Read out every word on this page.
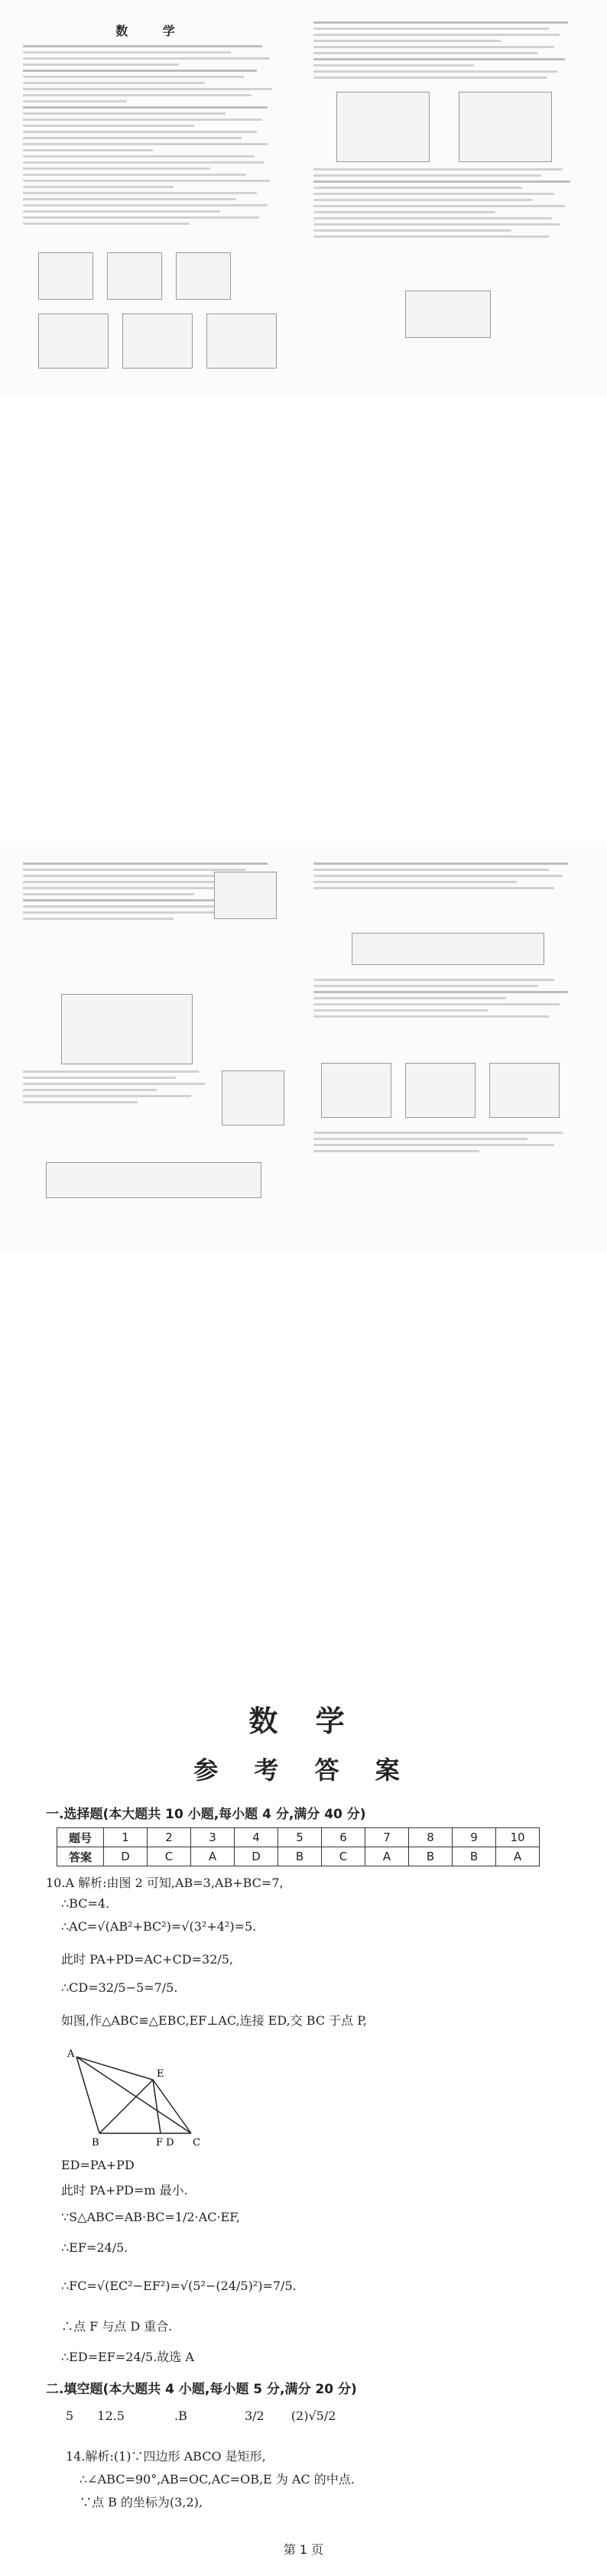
数 学
数 学
参 考 答 案
一.选择题(本大题共 10 小题,每小题 4 分,满分 40 分)
题号	1	2	3	4	5	6	7	8	9	10
答案	D	C	A	D	B	C	A	B	B	A
10.A 解析:由图 2 可知,AB=3,AB+BC=7,
∴BC=4.
∴AC=√(AB²+BC²)=√(3²+4²)=5.
此时 PA+PD=AC+CD=32/5,
∴CD=32/5−5=7/5.
如图,作△ABC≌△EBC,EF⊥AC,连接 ED,交 BC 于点 P,
A
E
B	F D C
ED=PA+PD
此时 PA+PD=m 最小.
∵S△ABC=AB·BC=1/2·AC·EF,
∴EF=24/5.
∴FC=√(EC²−EF²)=√(5²−(24/5)²)=7/5.
∴点 F 与点 D 重合.
∴ED=EF=24/5.故选 A
二.填空题(本大题共 4 小题,每小题 5 分,满分 20 分)
5 12.5	.B	3/2 (2)√5/2
14.解析:(1)∵四边形 ABCO 是矩形,
∴∠ABC=90°,AB=OC,AC=OB,E 为 AC 的中点.
∵点 B 的坐标为(3,2),
第 1 页
